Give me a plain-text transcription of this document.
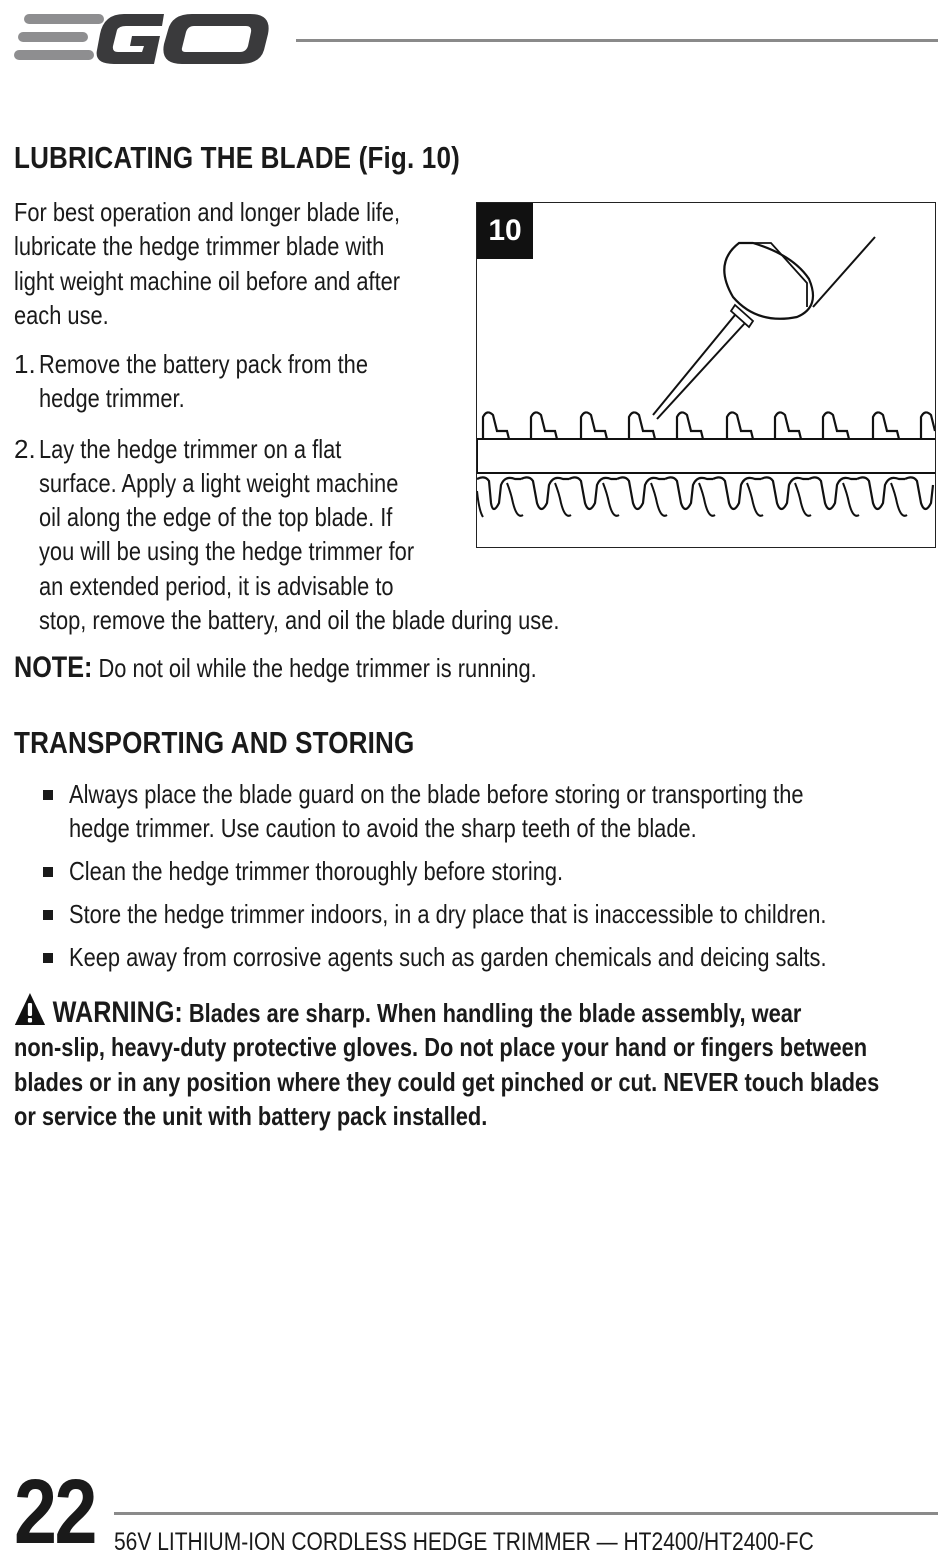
LUBRICATING THE BLADE (Fig. 10)
For best operation and longer blade life,
lubricate the hedge trimmer blade with
light weight machine oil before and after
each use.
1. Remove the battery pack from the
hedge trimmer.
2. Lay the hedge trimmer on a flat
surface. Apply a light weight machine
oil along the edge of the top blade. If
you will be using the hedge trimmer for
an extended period, it is advisable to
stop, remove the battery, and oil the blade during use.
NOTE: Do not oil while the hedge trimmer is running.
10
TRANSPORTING AND STORING
Always place the blade guard on the blade before storing or transporting the
hedge trimmer. Use caution to avoid the sharp teeth of the blade.
Clean the hedge trimmer thoroughly before storing.
Store the hedge trimmer indoors, in a dry place that is inaccessible to children.
Keep away from corrosive agents such as garden chemicals and deicing salts.
WARNING: Blades are sharp. When handling the blade assembly, wear
non-slip, heavy-duty protective gloves. Do not place your hand or fingers between
blades or in any position where they could get pinched or cut. NEVER touch blades
or service the unit with battery pack installed.
22 56V LITHIUM-ION CORDLESS HEDGE TRIMMER — HT2400/HT2400-FC
